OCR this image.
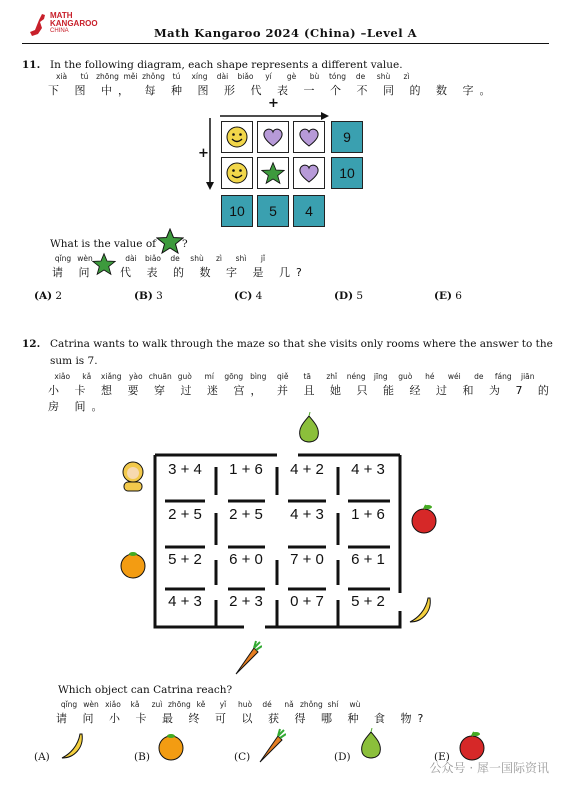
MATH
KANGAROO
CHINA	Math Kangaroo 2024 (China) –Level A
11. In the following diagram, each shape represents a different value.
xià tú zhōng měi zhǒng tú xíng dài biǎo yí gè bù tóng de shù zì
下 图 中， 每 种 图 形 代 表 一 个 不 同 的 数 字。
+
+
9
10
10	5	4
What is the value of ?
qǐng wèn	dài biǎo de shù zì shì jǐ
请 问 代 表 的 数 字 是 几?
(A) 2	(B) 3	(C) 4	(D) 5	(E) 6
12. Catrina wants to walk through the maze so that she visits only rooms where the answer to the
sum is 7.
xiǎo kǎ xiǎng yào chuān guò mí gōng bìng qiě tā zhǐ néng jīng guò hé wéi de fáng jiān
小 卡 想 要 穿 过 迷 宫， 并 且 她 只 能 经 过 和 为 7 的 房 间。
3 + 4	1 + 6	4 + 2	4 + 3
2 + 5	2 + 5	4 + 3	1 + 6
5 + 2	6 + 0	7 + 0	6 + 1
4 + 3	2 + 3	0 + 7	5 + 2
Which object can Catrina reach?
qǐng wèn xiǎo kǎ zuì zhōng kě yǐ huò dé nǎ zhǒng shí wù
请 问 小 卡 最 终 可 以 获 得 哪 种 食 物?
(A)	(B)	(C)	(D)	(E)
公众号 · 犀一国际资讯
